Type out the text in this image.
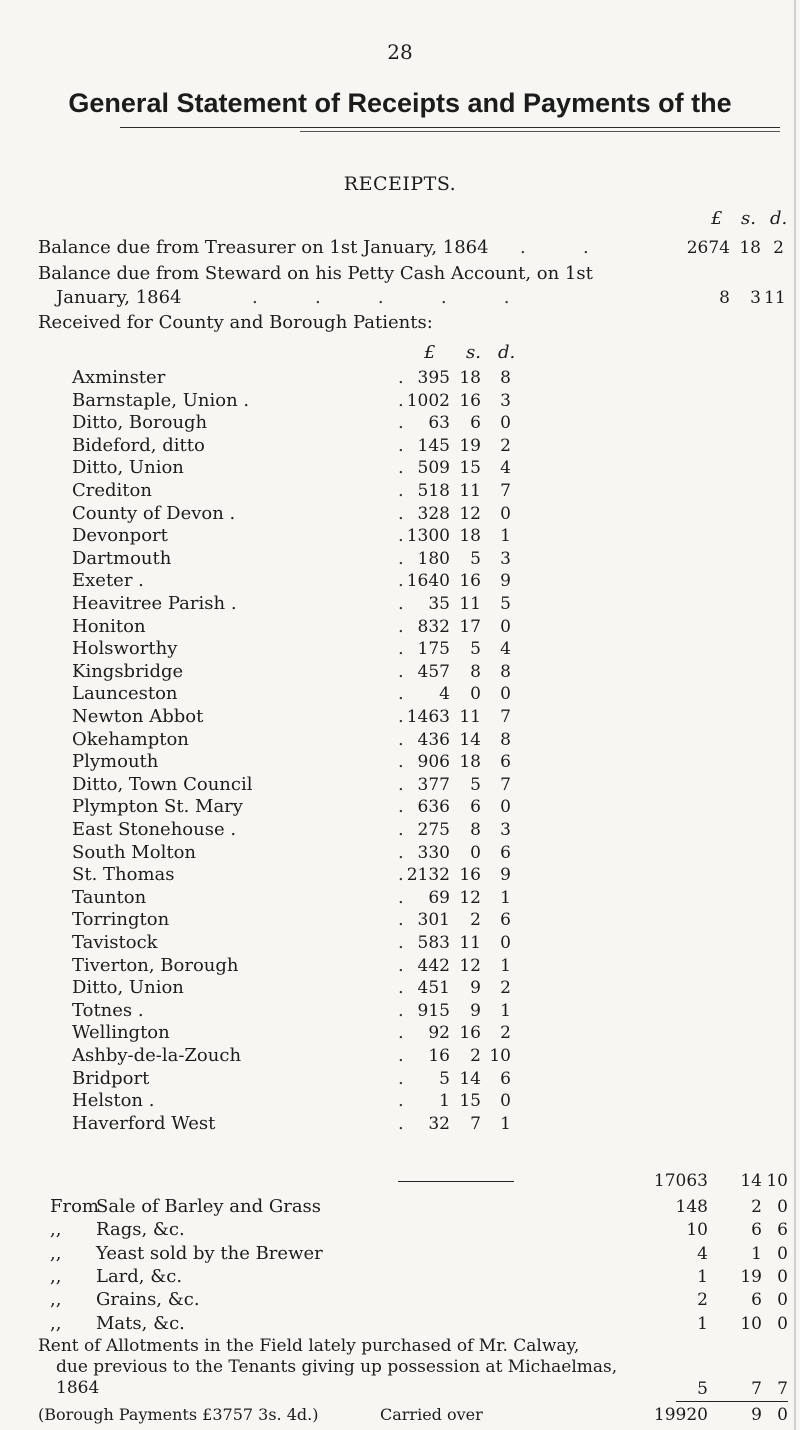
28
General Statement of Receipts and Payments of the
RECEIPTS.
£ s. d.
Balance due from Treasurer on 1st January, 1864 .          .	2674 18 2
Balance due from Steward on his Petty Cash Account, on 1st
January, 1864	.          .          .          .          .	8	3 11
Received for County and Borough Patients:
£ s. d.
Axminster	395 18	8
.
Barnstaple, Union .	1002 16	3
.
Ditto, Borough	63	6	0
.
Bideford, ditto	145 19	2
.
Ditto, Union	509 15	4
.
Crediton	518 11	7
.
County of Devon .	328 12	0
.
Devonport	1300 18	1
.
Dartmouth	180	5	3
.
Exeter .	1640 16	9
.
Heavitree Parish .	35 11	5
.
Honiton	832 17	0
.
Holsworthy	175	5	4
.
Kingsbridge	457	8	8
.
Launceston	4	0	0
.
Newton Abbot	1463 11	7
.
Okehampton	436 14	8
.
Plymouth	906 18	6
.
Ditto, Town Council	377	5	7
.
Plympton St. Mary	636	6	0
.
East Stonehouse .	275	8	3
.
South Molton	330	0	6
.
St. Thomas	2132 16	9
.
Taunton	69 12	1
.
Torrington	301	2	6
.
Tavistock	583 11	0
.
Tiverton, Borough	442 12	1
.
Ditto, Union	451	9	2
.
Totnes .	915	9	1
.
Wellington	92 16	2
.
Ashby-de-la-Zouch	16	2 10
.
Bridport	5 14	6
.
Helston .	1 15	0
.
Haverford West	32	7	1
.
17063 14 10
From
Sale of Barley and Grass	148	2 0
,, Rags, &c.	10	6 6
,, Yeast sold by the Brewer	4	1 0
,, Lard, &c.	1 19 0
,, Grains, &c.	2	6 0
,, Mats, &c.	1 10 0
Rent of Allotments in the Field lately purchased of Mr. Calway,
due previous to the Tenants giving up possession at Michaelmas,
1864	5	7 7
(Borough Payments £3757 3s. 4d.)	Carried over	19920	9 0
